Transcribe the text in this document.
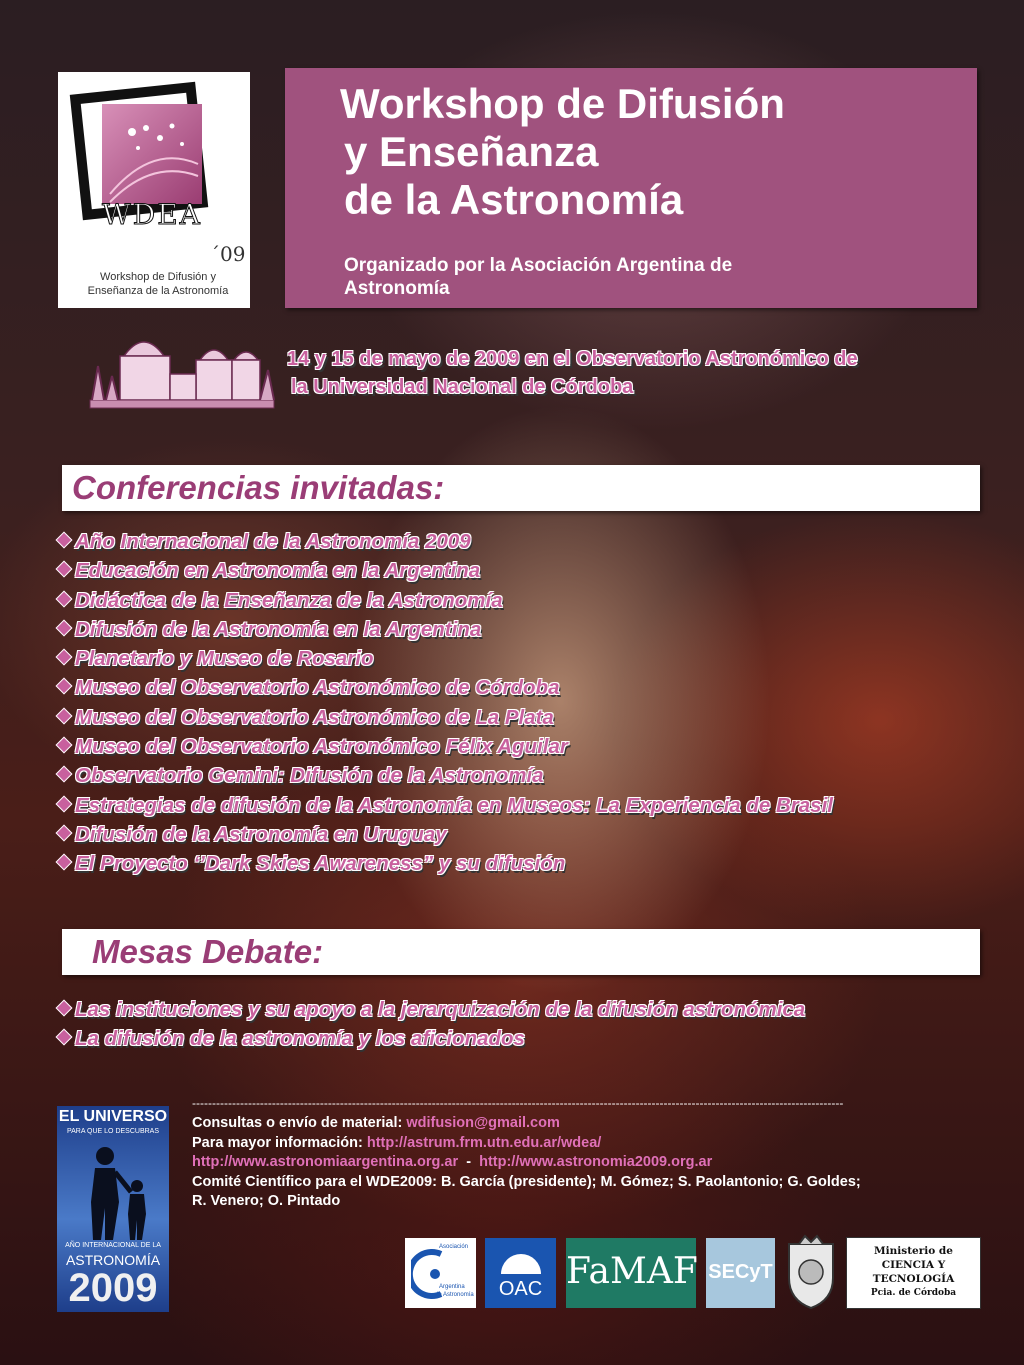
WDEA
´09
Workshop de Difusión y
Enseñanza de la Astronomía
Workshop de Difusión
y Enseñanza
de la Astronomía
Organizado por la Asociación Argentina de
Astronomía
14 y 15 de mayo de 2009 en el Observatorio Astronómico de
la Universidad Nacional de Córdoba
Conferencias invitadas:
Año Internacional de la Astronomía 2009
Educación en Astronomía en la Argentina
Didáctica de la Enseñanza de la Astronomía
Difusión de la Astronomía en la Argentina
Planetario y Museo de Rosario
Museo del Observatorio Astronómico de Córdoba
Museo del Observatorio Astronómico de La Plata
Museo del Observatorio Astronómico Félix Aguilar
Observatorio Gemini: Difusión de la Astronomía
Estrategias de difusión de la Astronomía en Museos: La Experiencia de Brasil
Difusión de la Astronomía en Uruguay
El Proyecto ‘’Dark Skies Awareness” y su difusión
Mesas Debate:
Las instituciones y su apoyo a la jerarquización de la difusión astronómica
La difusión de la astronomía y los aficionados
-------------------------------------------------------------------------------------------------------------------------------------------------------------------
Consultas o envío de material: wdifusion@gmail.com
Para mayor información: http://astrum.frm.utn.edu.ar/wdea/
http://www.astronomiaargentina.org.ar  -  http://www.astronomia2009.org.ar
Comité Científico para el WDE2009: B. García (presidente); M. Gómez; S. Paolantonio; G. Goldes;
R. Venero; O. Pintado
EL UNIVERSO
PARA QUE LO DESCUBRAS
AÑO INTERNACIONAL DE LA
ASTRONOMÍA
2009
Asociación
Argentina
de Astronomía	OAC FaMAF SECyT
Ministerio de
CIENCIA Y
TECNOLOGÍA
Pcia. de Córdoba
